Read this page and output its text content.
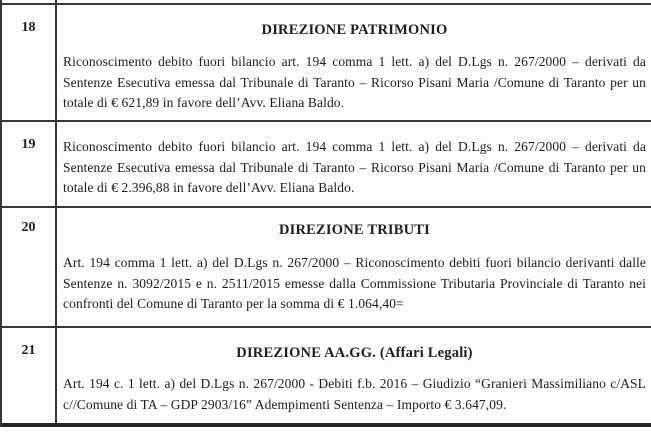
18	DIREZIONE PATRIMONIO

Riconoscimento debito fuori bilancio art. 194 comma 1 lett. a) del D.Lgs n. 267/2000 – derivati da Sentenze Esecutiva emessa dal Tribunale di Taranto – Ricorso Pisani Maria /Comune di Taranto per un totale di € 621,89 in favore dell’Avv. Eliana Baldo.

19	Riconoscimento debito fuori bilancio art. 194 comma 1 lett. a) del D.Lgs n. 267/2000 – derivati da Sentenze Esecutiva emessa dal Tribunale di Taranto – Ricorso Pisani Maria /Comune di Taranto per un totale di € 2.396,88 in favore dell’Avv. Eliana Baldo.

20	DIREZIONE TRIBUTI

Art. 194 comma 1 lett. a) del D.Lgs n. 267/2000 – Riconoscimento debiti fuori bilancio derivanti dalle Sentenze n. 3092/2015 e n. 2511/2015 emesse dalla Commissione Tributaria Provinciale di Taranto nei confronti del Comune di Taranto per la somma di € 1.064,40=

21	DIREZIONE AA.GG. (Affari Legali)

Art. 194 c. 1 lett. a) del D.Lgs n. 267/2000 - Debiti f.b. 2016 – Giudizio “Granieri Massimiliano c/ASL c//Comune di TA – GDP 2903/16” Adempimenti Sentenza – Importo € 3.647,09.
